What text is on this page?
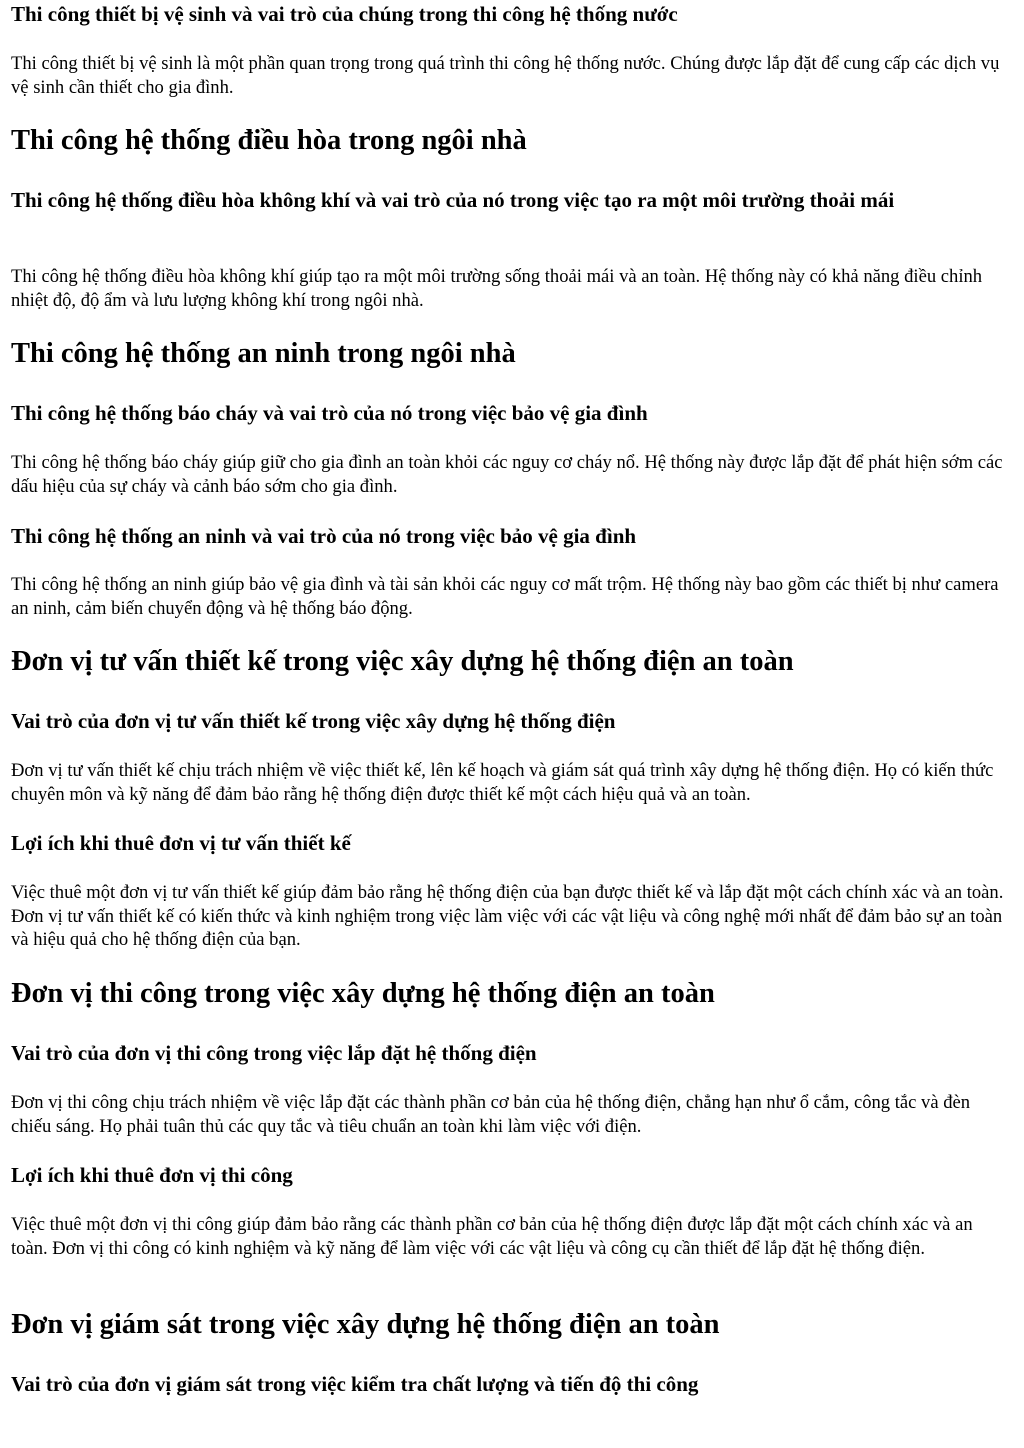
Thi công thiết bị vệ sinh và vai trò của chúng trong thi công hệ thống nước

Thi công thiết bị vệ sinh là một phần quan trọng trong quá trình thi công hệ thống nước. Chúng được lắp đặt để cung cấp các dịch vụ vệ sinh cần thiết cho gia đình.

Thi công hệ thống điều hòa trong ngôi nhà
Thi công hệ thống điều hòa không khí và vai trò của nó trong việc tạo ra một môi trường thoải mái

Thi công hệ thống điều hòa không khí giúp tạo ra một môi trường sống thoải mái và an toàn. Hệ thống này có khả năng điều chỉnh nhiệt độ, độ ẩm và lưu lượng không khí trong ngôi nhà.

Thi công hệ thống an ninh trong ngôi nhà
Thi công hệ thống báo cháy và vai trò của nó trong việc bảo vệ gia đình

Thi công hệ thống báo cháy giúp giữ cho gia đình an toàn khỏi các nguy cơ cháy nổ. Hệ thống này được lắp đặt để phát hiện sớm các dấu hiệu của sự cháy và cảnh báo sớm cho gia đình.

Thi công hệ thống an ninh và vai trò của nó trong việc bảo vệ gia đình

Thi công hệ thống an ninh giúp bảo vệ gia đình và tài sản khỏi các nguy cơ mất trộm. Hệ thống này bao gồm các thiết bị như camera an ninh, cảm biến chuyển động và hệ thống báo động.

Đơn vị tư vấn thiết kế trong việc xây dựng hệ thống điện an toàn
Vai trò của đơn vị tư vấn thiết kế trong việc xây dựng hệ thống điện

Đơn vị tư vấn thiết kế chịu trách nhiệm về việc thiết kế, lên kế hoạch và giám sát quá trình xây dựng hệ thống điện. Họ có kiến thức chuyên môn và kỹ năng để đảm bảo rằng hệ thống điện được thiết kế một cách hiệu quả và an toàn.

Lợi ích khi thuê đơn vị tư vấn thiết kế

Việc thuê một đơn vị tư vấn thiết kế giúp đảm bảo rằng hệ thống điện của bạn được thiết kế và lắp đặt một cách chính xác và an toàn. Đơn vị tư vấn thiết kế có kiến thức và kinh nghiệm trong việc làm việc với các vật liệu và công nghệ mới nhất để đảm bảo sự an toàn và hiệu quả cho hệ thống điện của bạn.

Đơn vị thi công trong việc xây dựng hệ thống điện an toàn
Vai trò của đơn vị thi công trong việc lắp đặt hệ thống điện

Đơn vị thi công chịu trách nhiệm về việc lắp đặt các thành phần cơ bản của hệ thống điện, chẳng hạn như ổ cắm, công tắc và đèn chiếu sáng. Họ phải tuân thủ các quy tắc và tiêu chuẩn an toàn khi làm việc với điện.

Lợi ích khi thuê đơn vị thi công

Việc thuê một đơn vị thi công giúp đảm bảo rằng các thành phần cơ bản của hệ thống điện được lắp đặt một cách chính xác và an toàn. Đơn vị thi công có kinh nghiệm và kỹ năng để làm việc với các vật liệu và công cụ cần thiết để lắp đặt hệ thống điện.

Đơn vị giám sát trong việc xây dựng hệ thống điện an toàn
Vai trò của đơn vị giám sát trong việc kiểm tra chất lượng và tiến độ thi công
